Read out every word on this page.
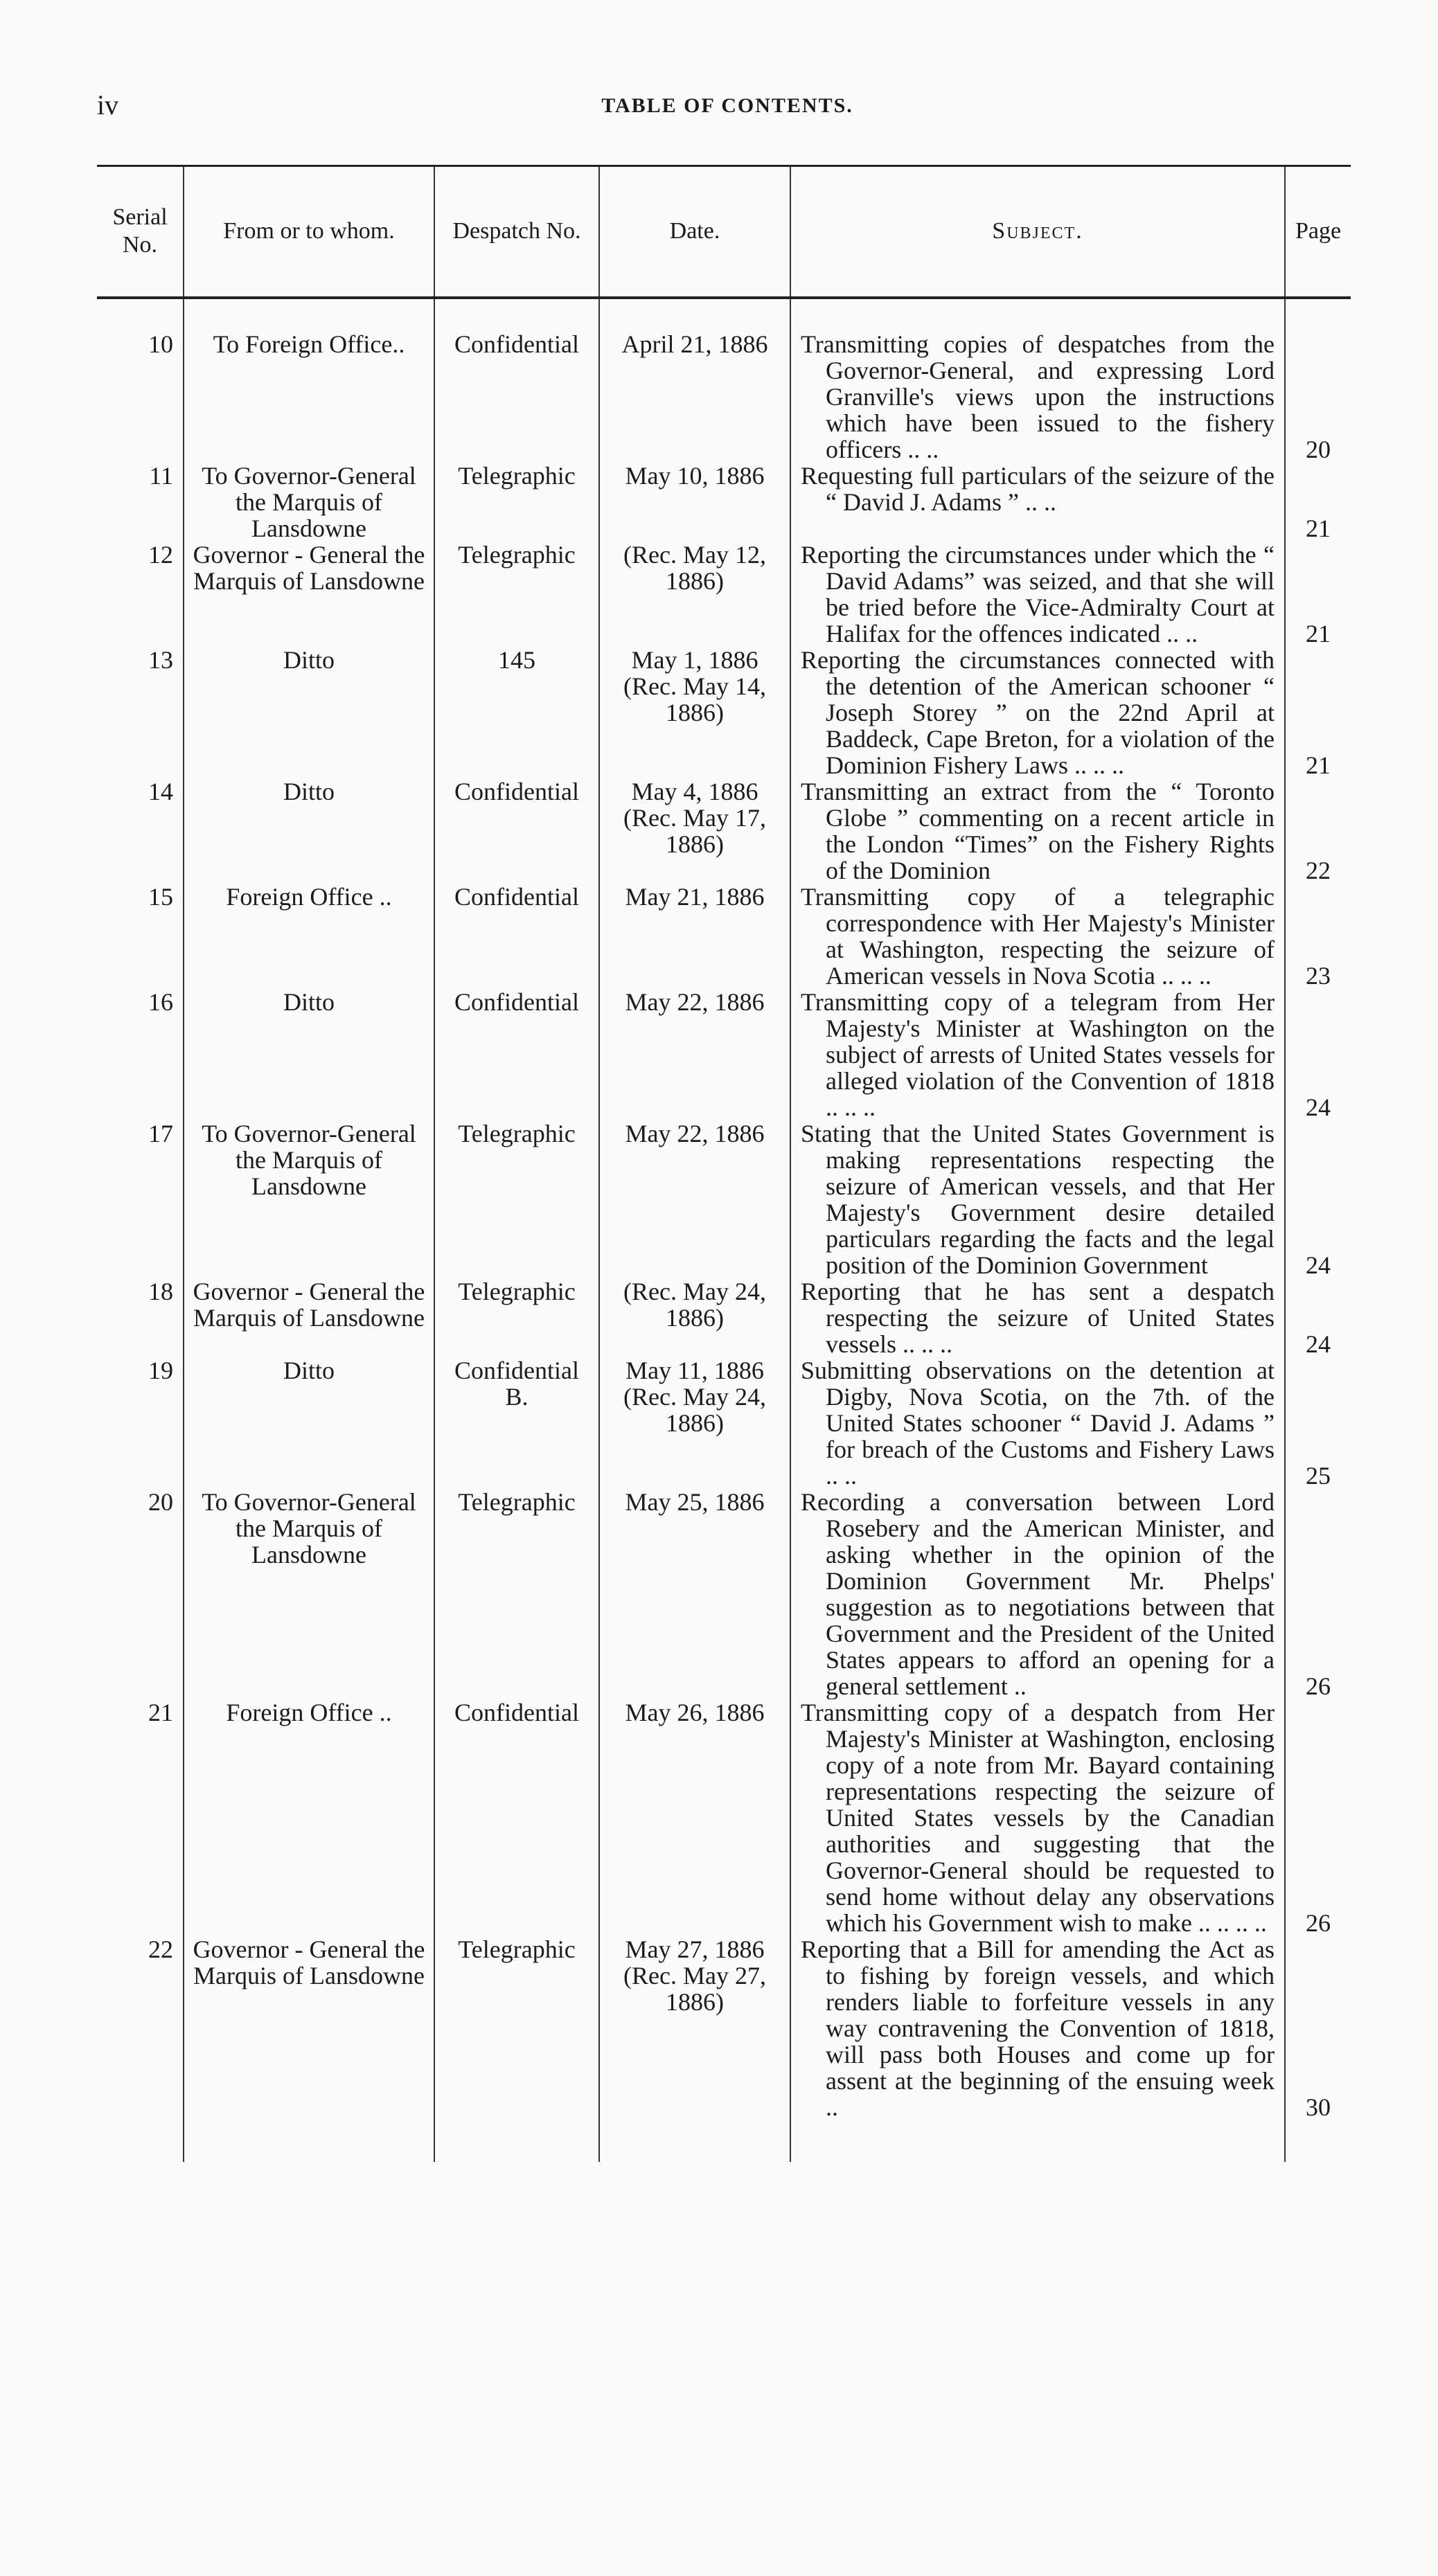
iv	TABLE OF CONTENTS.
Serial No.	From or to whom.	Despatch No.	Date.	Subject.	Page

10	To Foreign Office..	Confidential	April 21, 1886	Transmitting copies of despatches from the Governor-General, and expressing Lord Granville's views upon the instructions which have been issued to the fishery officers .. ..	20
11	To Governor-General the Marquis of Lansdowne	Telegraphic	May 10, 1886	Requesting full particulars of the seizure of the “ David J. Adams ” .. ..	21
12	Governor - General the Marquis of Lansdowne	Telegraphic	(Rec. May 12, 1886)	Reporting the circumstances under which the “ David Adams” was seized, and that she will be tried before the Vice-Admiralty Court at Halifax for the offences indicated .. ..	21
13	Ditto	145	May 1, 1886 (Rec. May 14, 1886)	Reporting the circumstances connected with the detention of the American schooner “ Joseph Storey ” on the 22nd April at Baddeck, Cape Breton, for a violation of the Dominion Fishery Laws .. .. ..	21
14	Ditto	Confidential	May 4, 1886 (Rec. May 17, 1886)	Transmitting an extract from the “ Toronto Globe ” commenting on a recent article in the London “Times” on the Fishery Rights of the Dominion	22
15	Foreign Office ..	Confidential	May 21, 1886	Transmitting copy of a telegraphic correspondence with Her Majesty's Minister at Washington, respecting the seizure of American vessels in Nova Scotia .. .. ..	23
16	Ditto	Confidential	May 22, 1886	Transmitting copy of a telegram from Her Majesty's Minister at Washington on the subject of arrests of United States vessels for alleged violation of the Convention of 1818 .. .. ..	24
17	To Governor-General the Marquis of Lansdowne	Telegraphic	May 22, 1886	Stating that the United States Government is making representations respecting the seizure of American vessels, and that Her Majesty's Government desire detailed particulars regarding the facts and the legal position of the Dominion Government	24
18	Governor - General the Marquis of Lansdowne	Telegraphic	(Rec. May 24, 1886)	Reporting that he has sent a despatch respecting the seizure of United States vessels .. .. ..	24
19	Ditto	Confidential B.	May 11, 1886 (Rec. May 24, 1886)	Submitting observations on the detention at Digby, Nova Scotia, on the 7th. of the United States schooner “ David J. Adams ” for breach of the Customs and Fishery Laws .. ..	25
20	To Governor-General the Marquis of Lansdowne	Telegraphic	May 25, 1886	Recording a conversation between Lord Rosebery and the American Minister, and asking whether in the opinion of the Dominion Government Mr. Phelps' suggestion as to negotiations between that Government and the President of the United States appears to afford an opening for a general settlement ..	26
21	Foreign Office ..	Confidential	May 26, 1886	Transmitting copy of a despatch from Her Majesty's Minister at Washington, enclosing copy of a note from Mr. Bayard containing representations respecting the seizure of United States vessels by the Canadian authorities and suggesting that the Governor-General should be requested to send home without delay any observations which his Government wish to make .. .. .. ..	26
22	Governor - General the Marquis of Lansdowne	Telegraphic	May 27, 1886 (Rec. May 27, 1886)	Reporting that a Bill for amending the Act as to fishing by foreign vessels, and which renders liable to forfeiture vessels in any way contravening the Convention of 1818, will pass both Houses and come up for assent at the beginning of the ensuing week ..	30
